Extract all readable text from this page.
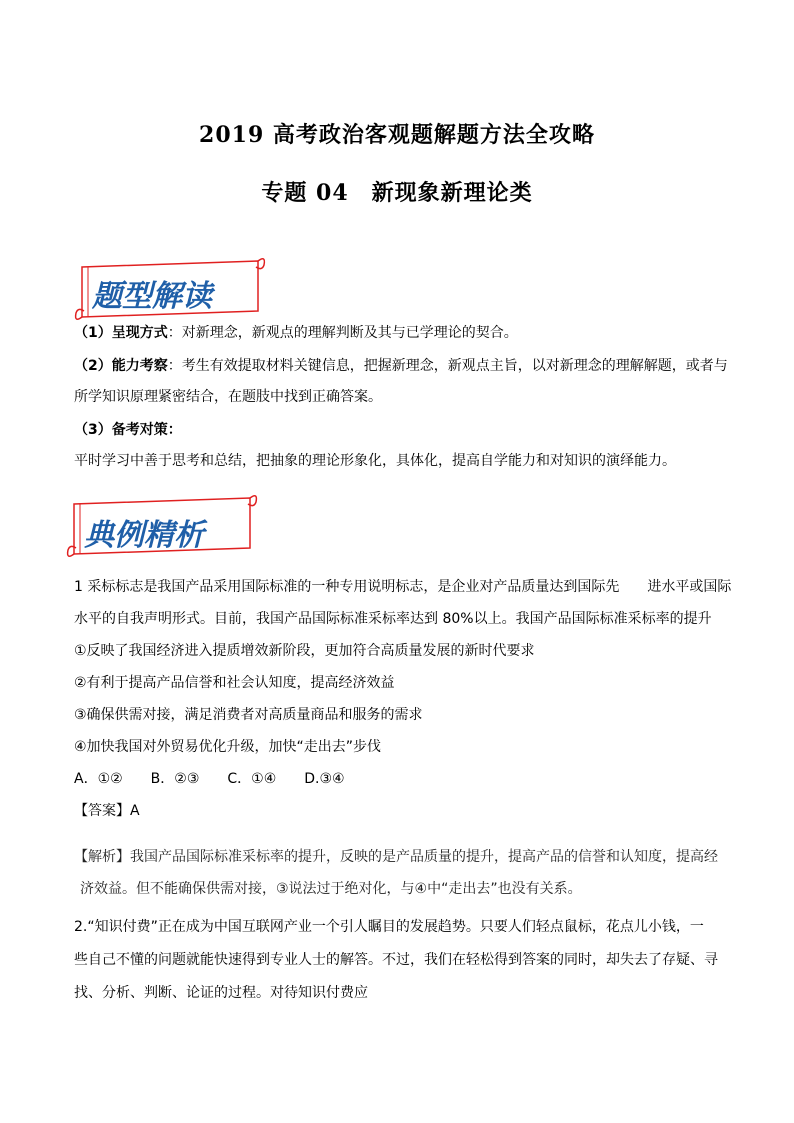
2019 高考政治客观题解题方法全攻略
专题 04　新现象新理论类
题型解读
（1）呈现方式：对新理念，新观点的理解判断及其与已学理论的契合。
（2）能力考察：考生有效提取材料关键信息，把握新理念，新观点主旨，以对新理念的理解解题，或者与
所学知识原理紧密结合，在题肢中找到正确答案。
（3）备考对策：
平时学习中善于思考和总结，把抽象的理论形象化，具体化，提高自学能力和对知识的演绎能力。
典例精析
1 采标标志是我国产品采用国际标准的一种专用说明标志，是企业对产品质量达到国际先　　进水平或国际
水平的自我声明形式。目前，我国产品国际标准采标率达到 80%以上。我国产品国际标准采标率的提升
①反映了我国经济进入提质增效新阶段，更加符合高质量发展的新时代要求
②有利于提高产品信誉和社会认知度，提高经济效益
③确保供需对接，满足消费者对高质量商品和服务的需求
④加快我国对外贸易优化升级，加快“走出去”步伐
A．①②　　B．②③　　C．①④　　D.③④
【答案】A
【解析】我国产品国际标准采标率的提升，反映的是产品质量的提升，提高产品的信誉和认知度，提高经
济效益。但不能确保供需对接，③说法过于绝对化，与④中“走出去”也没有关系。
2.“知识付费”正在成为中国互联网产业一个引人瞩目的发展趋势。只要人们轻点鼠标，花点儿小钱，一
些自己不懂的问题就能快速得到专业人士的解答。不过，我们在轻松得到答案的同时，却失去了存疑、寻
找、分析、判断、论证的过程。对待知识付费应
